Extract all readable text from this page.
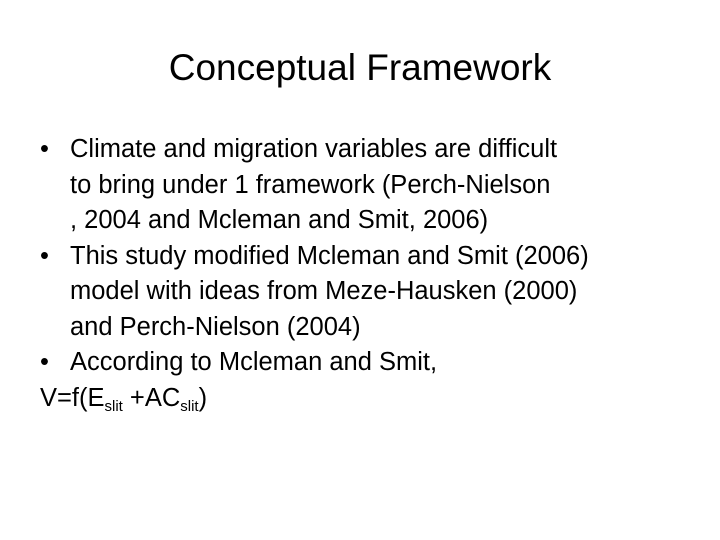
Conceptual Framework
• Climate and migration variables are difficult
to bring under 1 framework (Perch-Nielson
, 2004 and Mcleman and Smit, 2006)
• This study modified Mcleman and Smit (2006)
model with ideas from Meze-Hausken (2000)
and Perch-Nielson (2004)
• According to Mcleman and Smit,
$V=f(E_{slit} +AC_{slit})$
